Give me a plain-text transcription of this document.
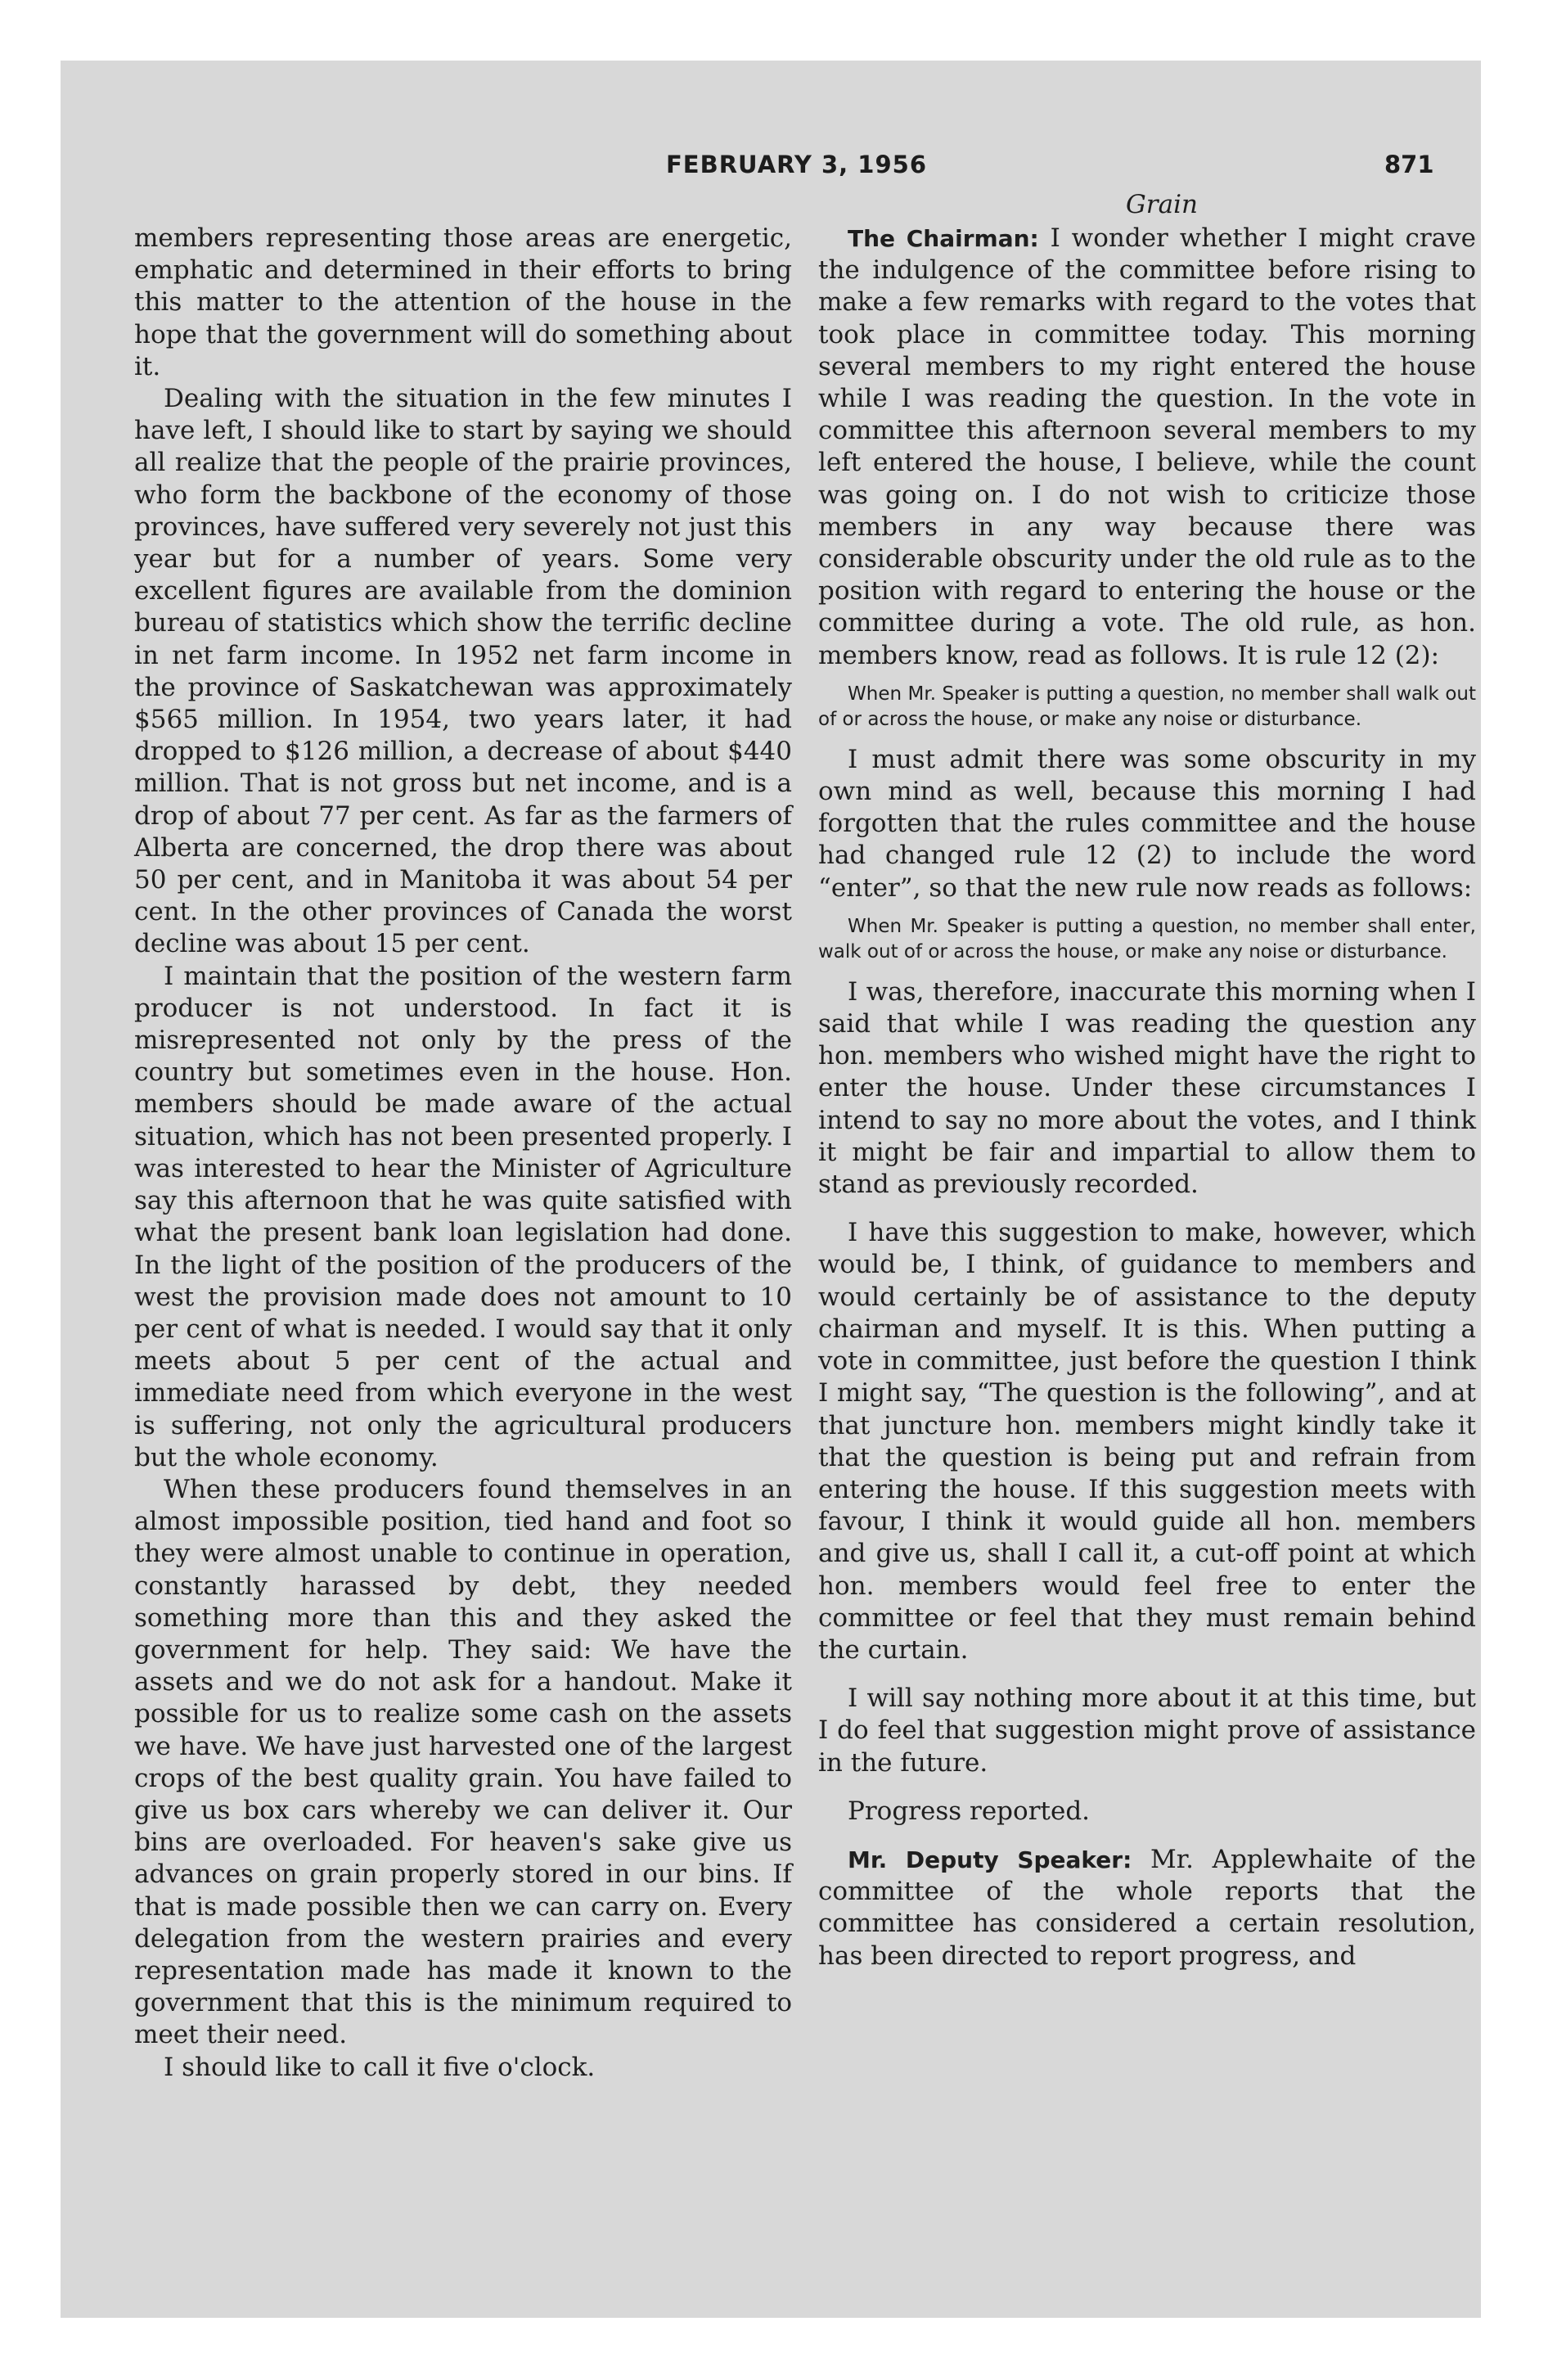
FEBRUARY 3, 1956	871

members representing those areas are energetic, emphatic and determined in their efforts to bring this matter to the attention of the house in the hope that the government will do something about it.

Dealing with the situation in the few minutes I have left, I should like to start by saying we should all realize that the people of the prairie provinces, who form the backbone of the economy of those provinces, have suffered very severely not just this year but for a number of years. Some very excellent figures are available from the dominion bureau of statistics which show the terrific decline in net farm income. In 1952 net farm income in the province of Saskatchewan was approximately $565 million. In 1954, two years later, it had dropped to $126 million, a decrease of about $440 million. That is not gross but net income, and is a drop of about 77 per cent. As far as the farmers of Alberta are concerned, the drop there was about 50 per cent, and in Manitoba it was about 54 per cent. In the other provinces of Canada the worst decline was about 15 per cent.

I maintain that the position of the western farm producer is not understood. In fact it is misrepresented not only by the press of the country but sometimes even in the house. Hon. members should be made aware of the actual situation, which has not been presented properly. I was interested to hear the Minister of Agriculture say this afternoon that he was quite satisfied with what the present bank loan legislation had done. In the light of the position of the producers of the west the provision made does not amount to 10 per cent of what is needed. I would say that it only meets about 5 per cent of the actual and immediate need from which everyone in the west is suffering, not only the agricultural producers but the whole economy.

When these producers found themselves in an almost impossible position, tied hand and foot so they were almost unable to continue in operation, constantly harassed by debt, they needed something more than this and they asked the government for help. They said: We have the assets and we do not ask for a handout. Make it possible for us to realize some cash on the assets we have. We have just harvested one of the largest crops of the best quality grain. You have failed to give us box cars whereby we can deliver it. Our bins are overloaded. For heaven's sake give us advances on grain properly stored in our bins. If that is made possible then we can carry on. Every delegation from the western prairies and every representation made has made it known to the government that this is the minimum required to meet their need.

I should like to call it five o'clock.

Grain

The Chairman: I wonder whether I might crave the indulgence of the committee before rising to make a few remarks with regard to the votes that took place in committee today. This morning several members to my right entered the house while I was reading the question. In the vote in committee this afternoon several members to my left entered the house, I believe, while the count was going on. I do not wish to criticize those members in any way because there was considerable obscurity under the old rule as to the position with regard to entering the house or the committee during a vote. The old rule, as hon. members know, read as follows. It is rule 12 (2):

When Mr. Speaker is putting a question, no member shall walk out of or across the house, or make any noise or disturbance.

I must admit there was some obscurity in my own mind as well, because this morning I had forgotten that the rules committee and the house had changed rule 12 (2) to include the word “enter”, so that the new rule now reads as follows:

When Mr. Speaker is putting a question, no member shall enter, walk out of or across the house, or make any noise or disturbance.

I was, therefore, inaccurate this morning when I said that while I was reading the question any hon. members who wished might have the right to enter the house. Under these circumstances I intend to say no more about the votes, and I think it might be fair and impartial to allow them to stand as previously recorded.

I have this suggestion to make, however, which would be, I think, of guidance to members and would certainly be of assistance to the deputy chairman and myself. It is this. When putting a vote in committee, just before the question I think I might say, “The question is the following”, and at that juncture hon. members might kindly take it that the question is being put and refrain from entering the house. If this suggestion meets with favour, I think it would guide all hon. members and give us, shall I call it, a cut-off point at which hon. members would feel free to enter the committee or feel that they must remain behind the curtain.

I will say nothing more about it at this time, but I do feel that suggestion might prove of assistance in the future.

Progress reported.

Mr. Deputy Speaker: Mr. Applewhaite of the committee of the whole reports that the committee has considered a certain resolution, has been directed to report progress, and
